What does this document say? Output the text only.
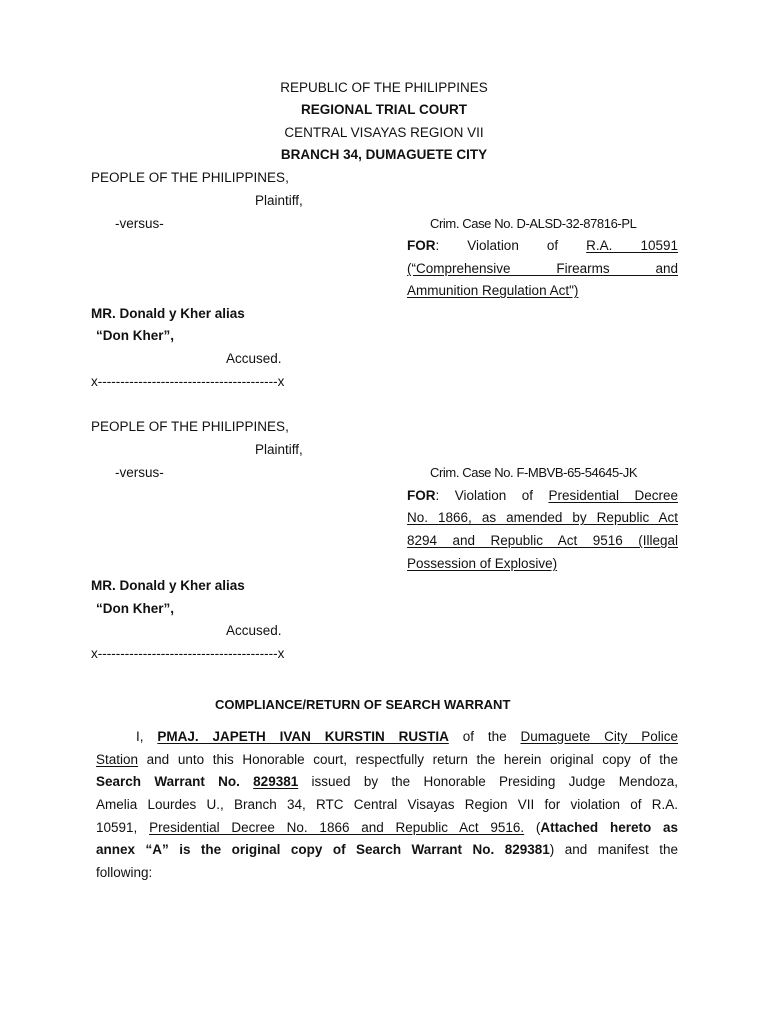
REPUBLIC OF THE PHILIPPINES
REGIONAL TRIAL COURT
CENTRAL VISAYAS REGION VII
BRANCH 34, DUMAGUETE CITY
PEOPLE OF THE PHILIPPINES,
Plaintiff,
-versus-	Crim. Case No. D-ALSD-32-87816-PL
FOR: Violation of R.A. 10591
(“Comprehensive Firearms and
Ammunition Regulation Act")
MR. Donald y Kher alias
“Don Kher”,
Accused.
x----------------------------------------x
PEOPLE OF THE PHILIPPINES,
Plaintiff,
-versus-	Crim. Case No. F-MBVB-65-54645-JK
FOR: Violation of Presidential Decree
No. 1866, as amended by Republic Act
8294 and Republic Act 9516 (Illegal
Possession of Explosive)
MR. Donald y Kher alias
“Don Kher”,
Accused.
x----------------------------------------x
COMPLIANCE/RETURN OF SEARCH WARRANT
I, PMAJ. JAPETH IVAN KURSTIN RUSTIA of the Dumaguete City Police
Station and unto this Honorable court, respectfully return the herein original copy of the
Search Warrant No. 829381 issued by the Honorable Presiding Judge Mendoza,
Amelia Lourdes U., Branch 34, RTC Central Visayas Region VII for violation of R.A.
10591, Presidential Decree No. 1866 and Republic Act 9516. (Attached hereto as
annex “A” is the original copy of Search Warrant No. 829381) and manifest the
following:
